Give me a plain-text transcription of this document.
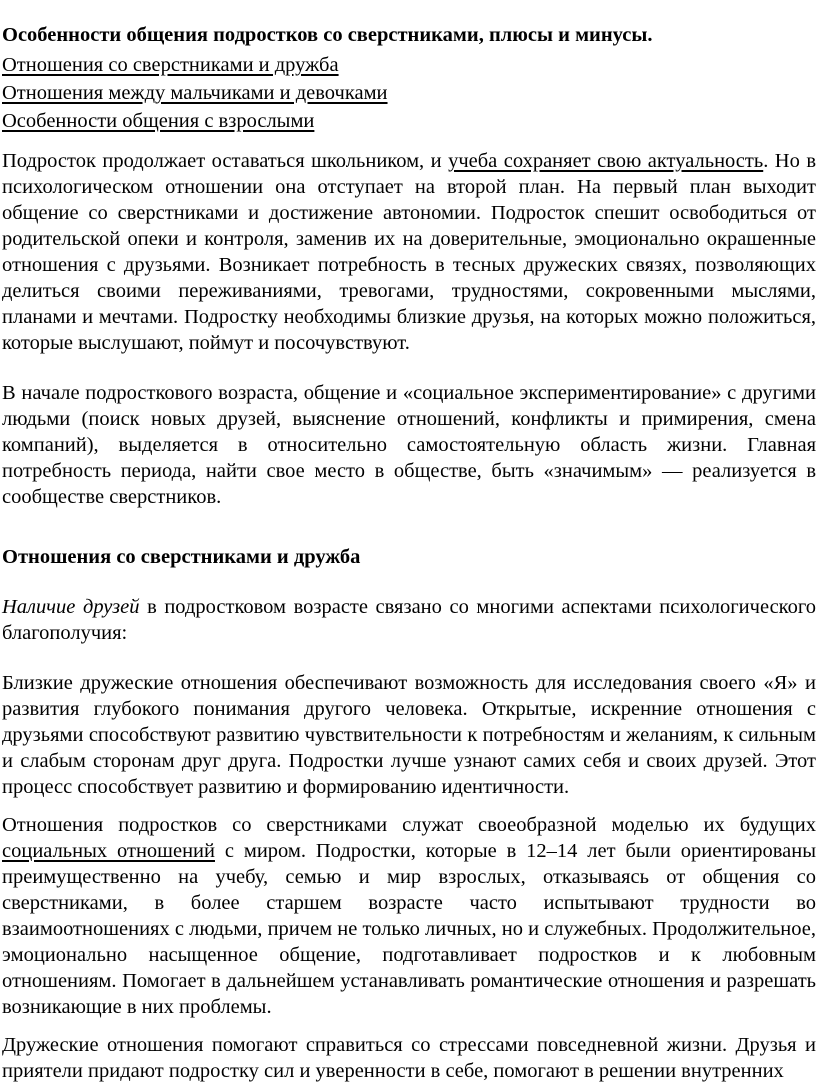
Особенности общения подростков со сверстниками, плюсы и минусы.
Отношения со сверстниками и дружба
Отношения между мальчиками и девочками
Особенности общения с взрослыми

Подросток продолжает оставаться школьником, и учеба сохраняет свою актуальность. Но в психологическом отношении она отступает на второй план. На первый план выходит общение со сверстниками и достижение автономии. Подросток спешит освободиться от родительской опеки и контроля, заменив их на доверительные, эмоционально окрашенные отношения с друзьями. Возникает потребность в тесных дружеских связях, позволяющих делиться своими переживаниями, тревогами, трудностями, сокровенными мыслями, планами и мечтами. Подростку необходимы близкие друзья, на которых можно положиться, которые выслушают, поймут и посочувствуют.

В начале подросткового возраста, общение и «социальное экспериментирование» с другими людьми (поиск новых друзей, выяснение отношений, конфликты и примирения, смена компаний), выделяется в относительно самостоятельную область жизни. Главная потребность периода, найти свое место в обществе, быть «значимым» — реализуется в сообществе сверстников.

Отношения со сверстниками и дружба

Наличие друзей в подростковом возрасте связано со многими аспектами психологического благополучия:

Близкие дружеские отношения обеспечивают возможность для исследования своего «Я» и развития глубокого понимания другого человека. Открытые, искренние отношения с друзьями способствуют развитию чувствительности к потребностям и желаниям, к сильным и слабым сторонам друг друга. Подростки лучше узнают самих себя и своих друзей. Этот процесс способствует развитию и формированию идентичности.

Отношения подростков со сверстниками служат своеобразной моделью их будущих социальных отношений с миром. Подростки, которые в 12–14 лет были ориентированы преимущественно на учебу, семью и мир взрослых, отказываясь от общения со сверстниками, в более старшем возрасте часто испытывают трудности во взаимоотношениях с людьми, причем не только личных, но и служебных. Продолжительное, эмоционально насыщенное общение, подготавливает подростков и к любовным отношениям. Помогает в дальнейшем устанавливать романтические отношения и разрешать возникающие в них проблемы.

Дружеские отношения помогают справиться со стрессами повседневной жизни. Друзья и приятели придают подростку сил и уверенности в себе, помогают в решении внутренних
